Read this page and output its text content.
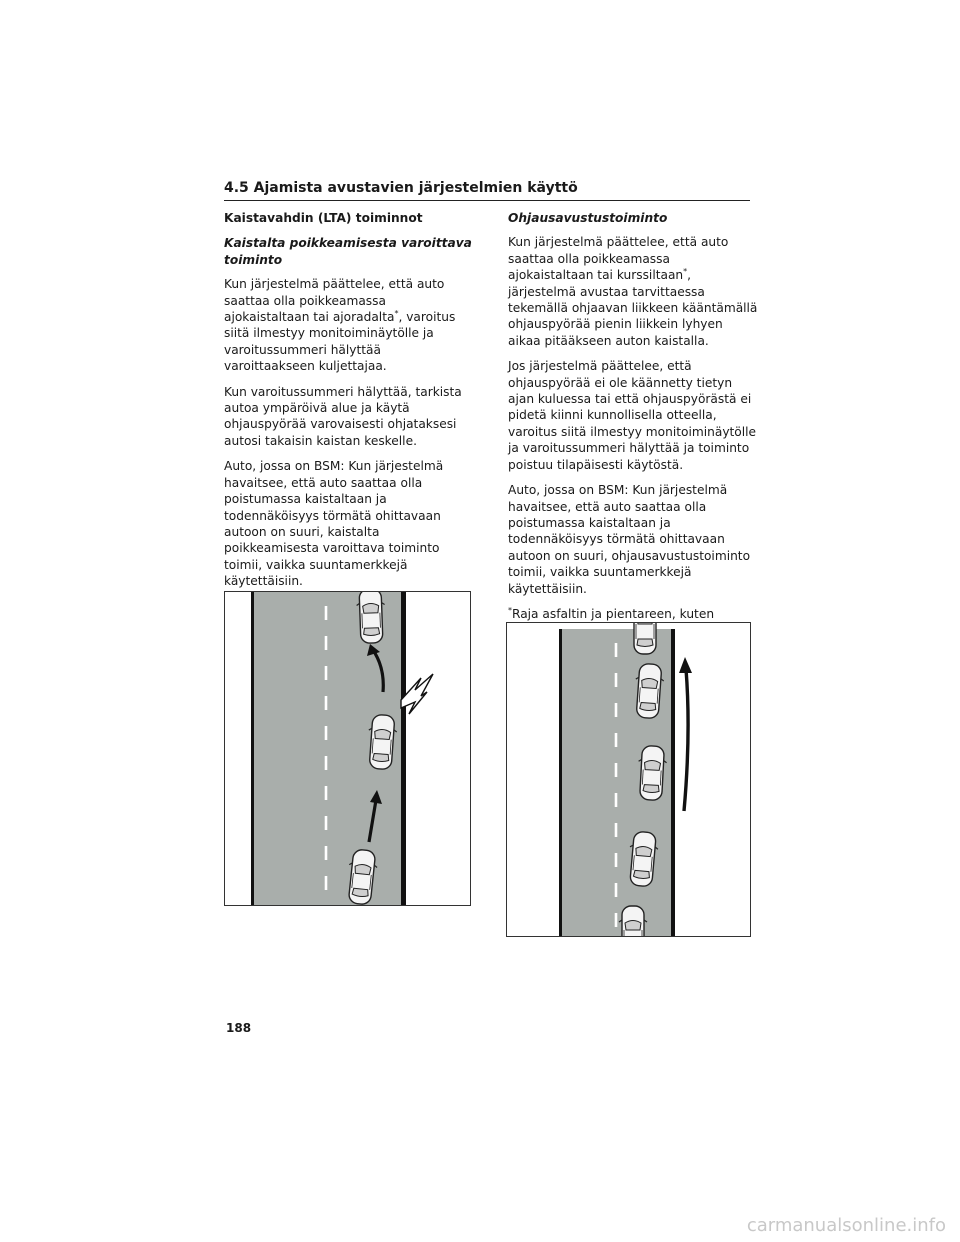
4.5 Ajamista avustavien järjestelmien käyttö

Kaistavahdin (LTA) toiminnot

Kaistalta poikkeamisesta varoittava toiminto

Kun järjestelmä päättelee, että auto saattaa olla poikkeamassa ajokaistaltaan tai ajoradalta*, varoitus siitä ilmestyy monitoiminäytölle ja varoitussummeri hälyttää varoittaakseen kuljettajaa.

Kun varoitussummeri hälyttää, tarkista autoa ympäröivä alue ja käytä ohjauspyörää varovaisesti ohjataksesi autosi takaisin kaistan keskelle.

Auto, jossa on BSM: Kun järjestelmä havaitsee, että auto saattaa olla poistumassa kaistaltaan ja todennäköisyys törmätä ohittavaan autoon on suuri, kaistalta poikkeamisesta varoittava toiminto toimii, vaikka suuntamerkkejä käytettäisiin.

Ohjausavustustoiminto

Kun järjestelmä päättelee, että auto saattaa olla poikkeamassa ajokaistaltaan tai kurssiltaan*, järjestelmä avustaa tarvittaessa tekemällä ohjaavan liikkeen kääntämällä ohjauspyörää pienin liikkein lyhyen aikaa pitääkseen auton kaistalla.

Jos järjestelmä päättelee, että ohjauspyörää ei ole käännetty tietyn ajan kuluessa tai että ohjauspyörästä ei pidetä kiinni kunnollisella otteella, varoitus siitä ilmestyy monitoiminäytölle ja varoitussummeri hälyttää ja toiminto poistuu tilapäisesti käytöstä.

Auto, jossa on BSM: Kun järjestelmä havaitsee, että auto saattaa olla poistumassa kaistaltaan ja todennäköisyys törmätä ohittavaan autoon on suuri, ohjausavustustoiminto toimii, vaikka suuntamerkkejä käytettäisiin.

*Raja asfaltin ja pientareen, kuten

188
carmanualsonline.info
